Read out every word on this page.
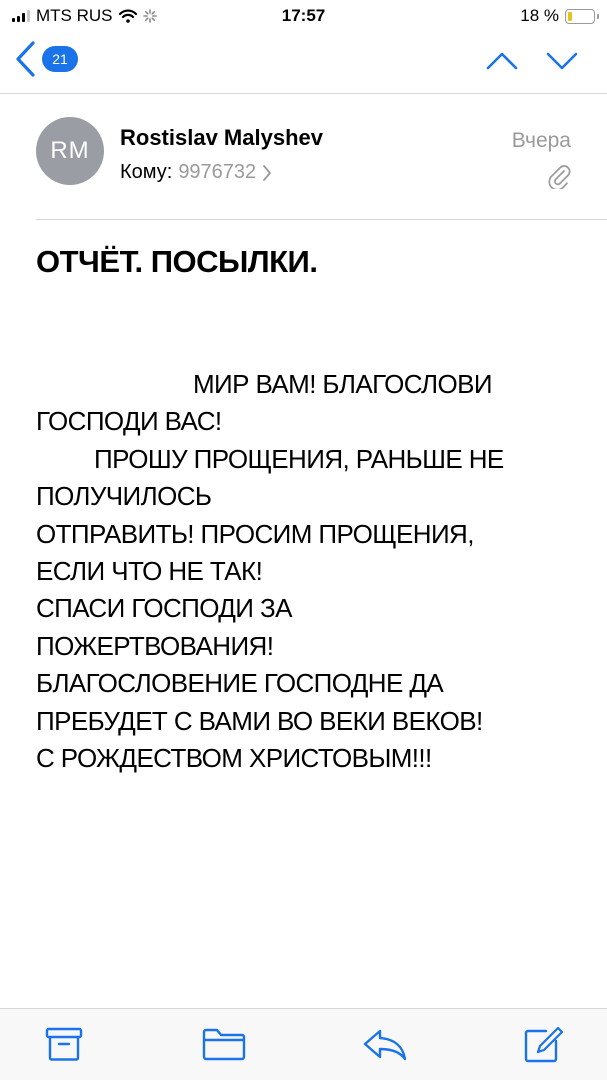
MTS RUS	17:57	18 %
21
RM	Rostislav Malyshev
Кому: 9976732
Вчера
ОТЧЁТ. ПОСЫЛКИ.
МИР ВАМ! БЛАГОСЛОВИ
ГОСПОДИ ВАС!
ПРОШУ ПРОЩЕНИЯ, РАНЬШЕ НЕ
ПОЛУЧИЛОСЬ
ОТПРАВИТЬ! ПРОСИМ ПРОЩЕНИЯ,
ЕСЛИ ЧТО НЕ ТАК!
СПАСИ ГОСПОДИ ЗА
ПОЖЕРТВОВАНИЯ!
БЛАГОСЛОВЕНИЕ ГОСПОДНЕ ДА
ПРЕБУДЕТ С ВАМИ ВО ВЕКИ ВЕКОВ!
С РОЖДЕСТВОМ ХРИСТОВЫМ!!!
